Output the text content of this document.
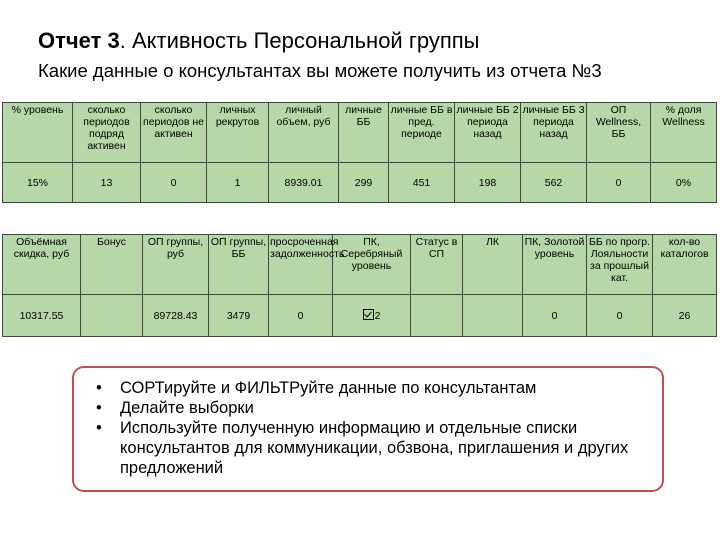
Отчет 3. Активность Персональной группы
Какие данные о консультантах вы можете получить из отчета №3
% уровень	сколько периодов подряд активен	сколько периодов не активен	личных рекрутов	личный объем, руб	личные ББ	личные ББ в пред. периоде	личные ББ 2 периода назад	личные ББ 3 периода назад	ОП Wellness, ББ	% доля Wellness
15%	13	0	1	8939.01	299	451	198	562	0	0%
Объёмная скидка, руб	Бонус	ОП группы, руб	ОП группы, ББ	просроченная задолженность	ПК, Серебряный уровень	Статус в СП	ЛК	ПК, Золотой уровень	ББ по прогр. Лояльности за прошлый кат.	кол-во каталогов
10317.55		89728.43	3479	0	2			0	0	26
• СОРТируйте и ФИЛЬТРуйте данные по консультантам
• Делайте выборки
• Используйте полученную информацию и отдельные списки консультантов для коммуникации, обзвона, приглашения и других предложений
